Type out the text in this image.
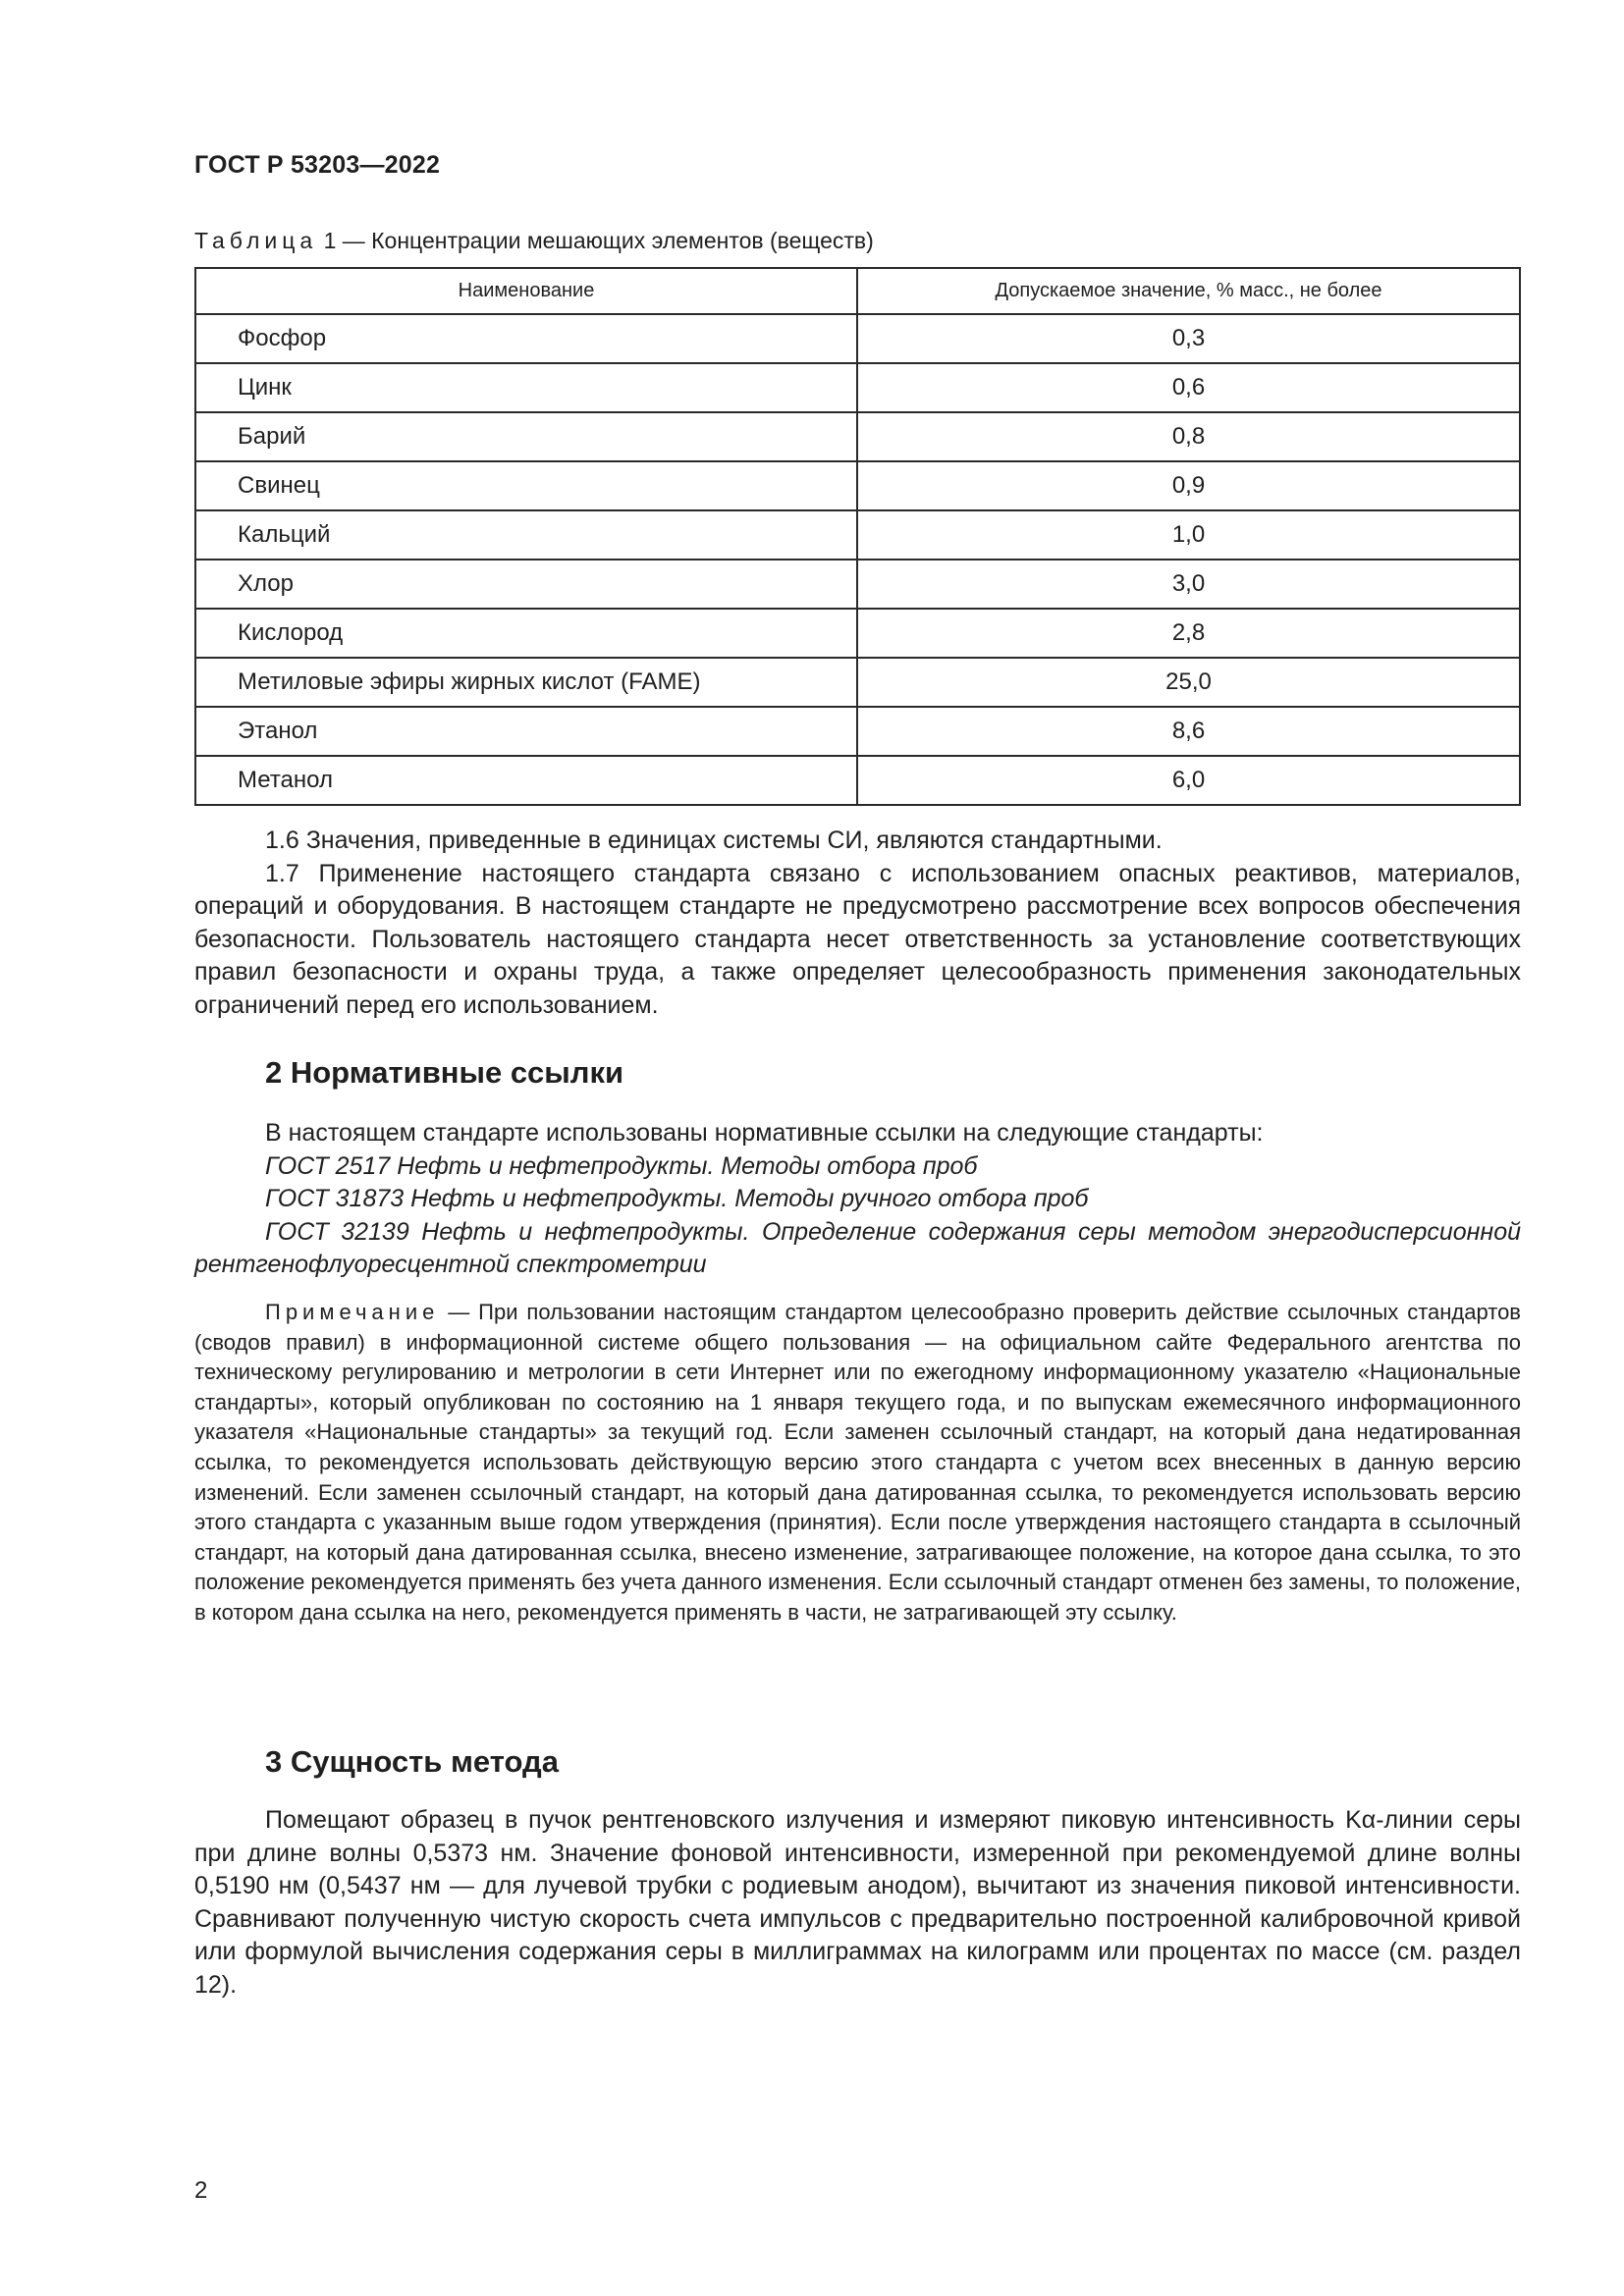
ГОСТ Р 53203—2022
Таблица 1 — Концентрации мешающих элементов (веществ)
Наименование	Допускаемое значение, % масс., не более
Фосфор	0,3
Цинк	0,6
Барий	0,8
Свинец	0,9
Кальций	1,0
Хлор	3,0
Кислород	2,8
Метиловые эфиры жирных кислот (FAME)	25,0
Этанол	8,6
Метанол	6,0

1.6 Значения, приведенные в единицах системы СИ, являются стандартными.

1.7 Применение настоящего стандарта связано с использованием опасных реактивов, материалов, операций и оборудования. В настоящем стандарте не предусмотрено рассмотрение всех вопросов обеспечения безопасности. Пользователь настоящего стандарта несет ответственность за установление соответствующих правил безопасности и охраны труда, а также определяет целесообразность применения законодательных ограничений перед его использованием.

2 Нормативные ссылки

В настоящем стандарте использованы нормативные ссылки на следующие стандарты:

ГОСТ 2517 Нефть и нефтепродукты. Методы отбора проб

ГОСТ 31873 Нефть и нефтепродукты. Методы ручного отбора проб

ГОСТ 32139 Нефть и нефтепродукты. Определение содержания серы методом энергодисперсионной рентгенофлуоресцентной спектрометрии

Примечание — При пользовании настоящим стандартом целесообразно проверить действие ссылочных стандартов (сводов правил) в информационной системе общего пользования — на официальном сайте Федерального агентства по техническому регулированию и метрологии в сети Интернет или по ежегодному информационному указателю «Национальные стандарты», который опубликован по состоянию на 1 января текущего года, и по выпускам ежемесячного информационного указателя «Национальные стандарты» за текущий год. Если заменен ссылочный стандарт, на который дана недатированная ссылка, то рекомендуется использовать действующую версию этого стандарта с учетом всех внесенных в данную версию изменений. Если заменен ссылочный стандарт, на который дана датированная ссылка, то рекомендуется использовать версию этого стандарта с указанным выше годом утверждения (принятия). Если после утверждения настоящего стандарта в ссылочный стандарт, на который дана датированная ссылка, внесено изменение, затрагивающее положение, на которое дана ссылка, то это положение рекомендуется применять без учета данного изменения. Если ссылочный стандарт отменен без замены, то положение, в котором дана ссылка на него, рекомендуется применять в части, не затрагивающей эту ссылку.

3 Сущность метода

Помещают образец в пучок рентгеновского излучения и измеряют пиковую интенсивность Kα-линии серы при длине волны 0,5373 нм. Значение фоновой интенсивности, измеренной при рекомендуемой длине волны 0,5190 нм (0,5437 нм — для лучевой трубки с родиевым анодом), вычитают из значения пиковой интенсивности. Сравнивают полученную чистую скорость счета импульсов с предварительно построенной калибровочной кривой или формулой вычисления содержания серы в миллиграммах на килограмм или процентах по массе (см. раздел 12).

2
